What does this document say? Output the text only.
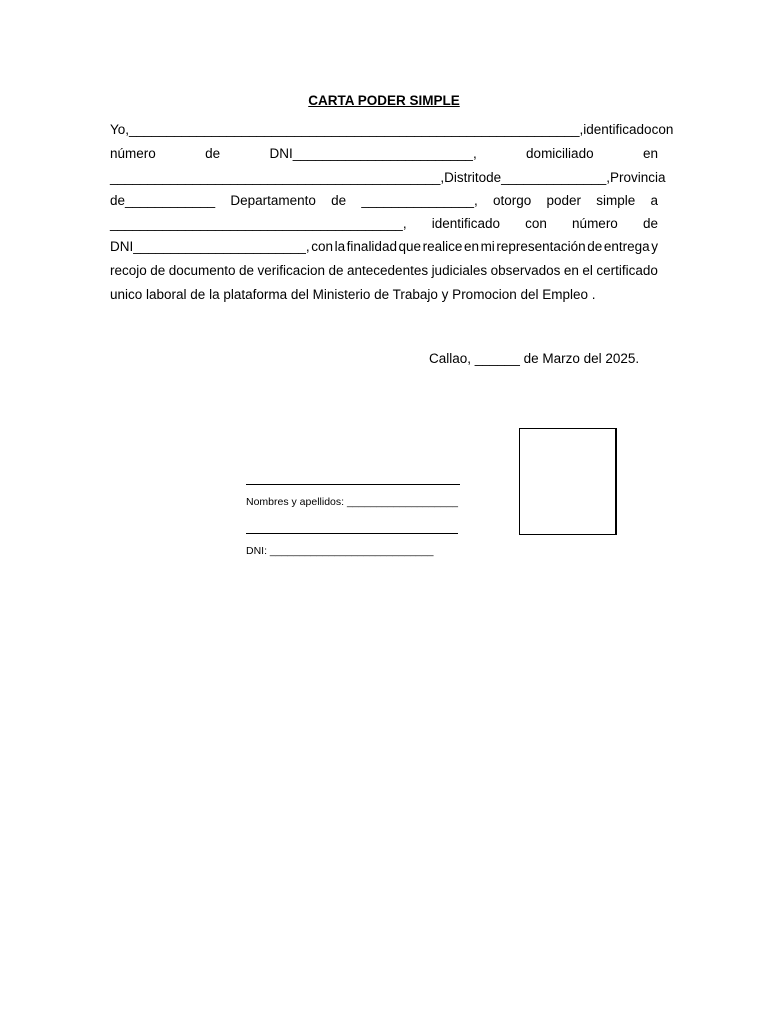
CARTA PODER SIMPLE
Yo, ____________________________________________________________, identificado con
número	de	DNI________________________,	domiciliado	en
____________________________________________, Distrito de ______________, Provincia
de____________ Departamento de _______________, otorgo poder simple a
_______________________________________, identificado con número de
DNI_______________________, con la finalidad que realice en mi representación de entrega y
recojo de documento de verificacion de antecedentes judiciales observados en el certificado
unico laboral de la plataforma del Ministerio de Trabajo y Promocion del Empleo .
Callao, ______ de Marzo del 2025.
Nombres y apellidos: ___________________
DNI: ____________________________
